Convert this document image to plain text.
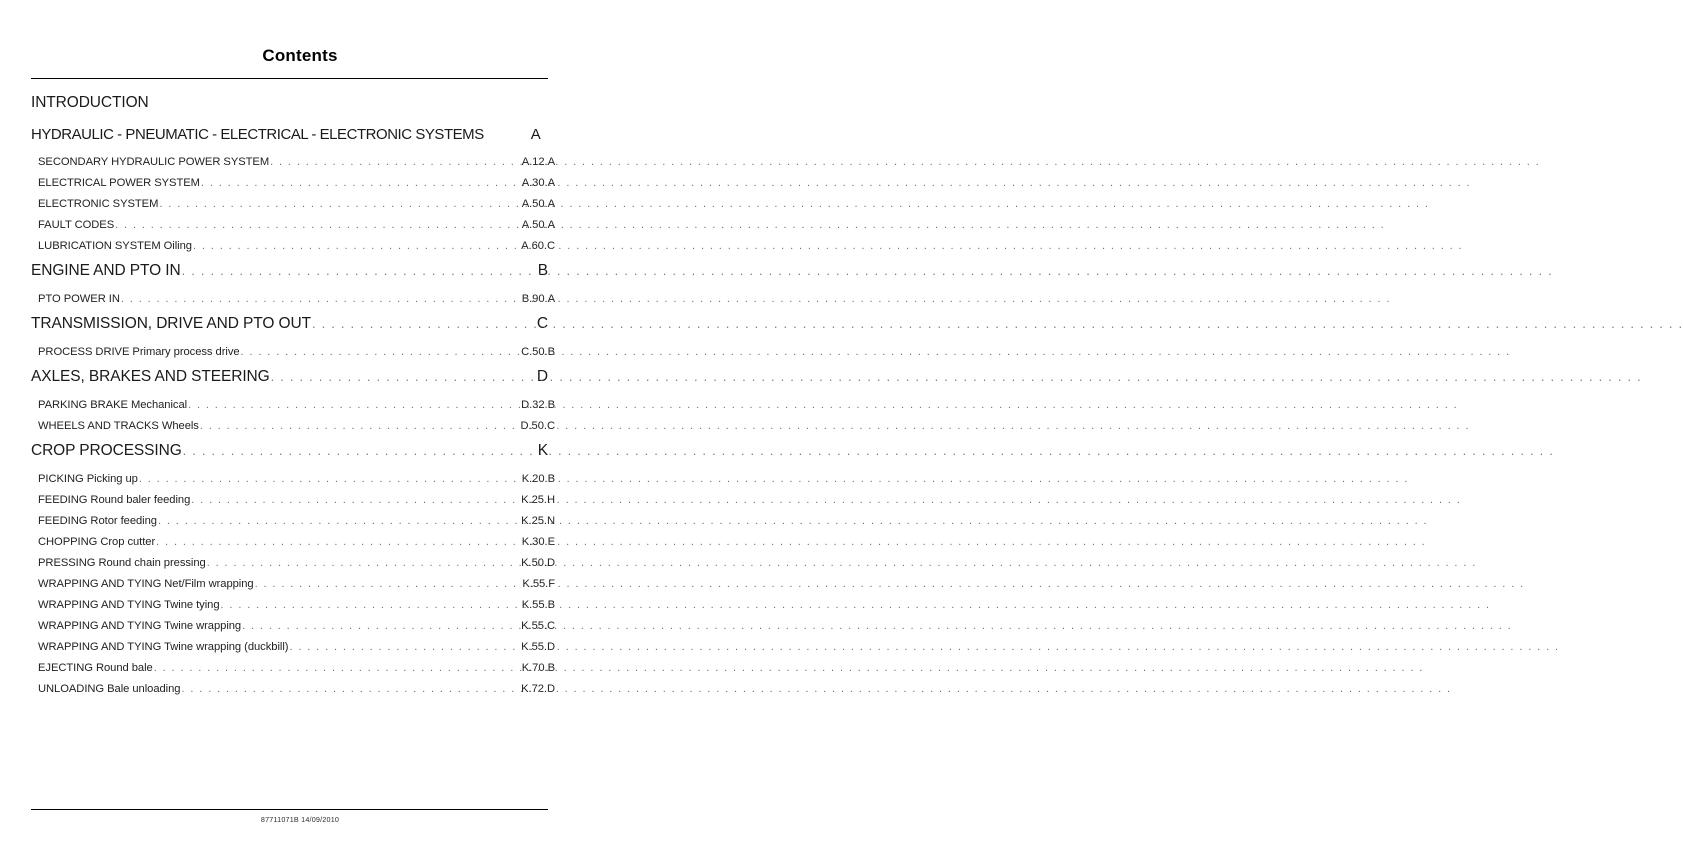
Contents
INTRODUCTION
HYDRAULIC - PNEUMATIC - ELECTRICAL - ELECTRONIC SYSTEMS	A
SECONDARY HYDRAULIC POWER SYSTEM . . .	A.12.A
ELECTRICAL POWER SYSTEM . . .	A.30.A
ELECTRONIC SYSTEM . . .	A.50.A
FAULT CODES . . .	A.50.A
LUBRICATION SYSTEM Oiling . . .	A.60.C
ENGINE AND PTO IN . . .	B
PTO POWER IN . . .	B.90.A
TRANSMISSION, DRIVE AND PTO OUT . . .	C
PROCESS DRIVE Primary process drive . . .	C.50.B
AXLES, BRAKES AND STEERING . . .	D
PARKING BRAKE Mechanical . . .	D.32.B
WHEELS AND TRACKS Wheels . . .	D.50.C
CROP PROCESSING . . .	K
PICKING Picking up . . .	K.20.B
FEEDING Round baler feeding . . .	K.25.H
FEEDING Rotor feeding . . .	K.25.N
CHOPPING Crop cutter . . .	K.30.E
PRESSING Round chain pressing . . .	K.50.D
WRAPPING AND TYING Net/Film wrapping . . .	K.55.F
WRAPPING AND TYING Twine tying . . .	K.55.B
WRAPPING AND TYING Twine wrapping . . .	K.55.C
WRAPPING AND TYING Twine wrapping (duckbill) . . .	K.55.D
EJECTING Round bale . . .	K.70.B
UNLOADING Bale unloading . . .	K.72.D
87711071B 14/09/2010
